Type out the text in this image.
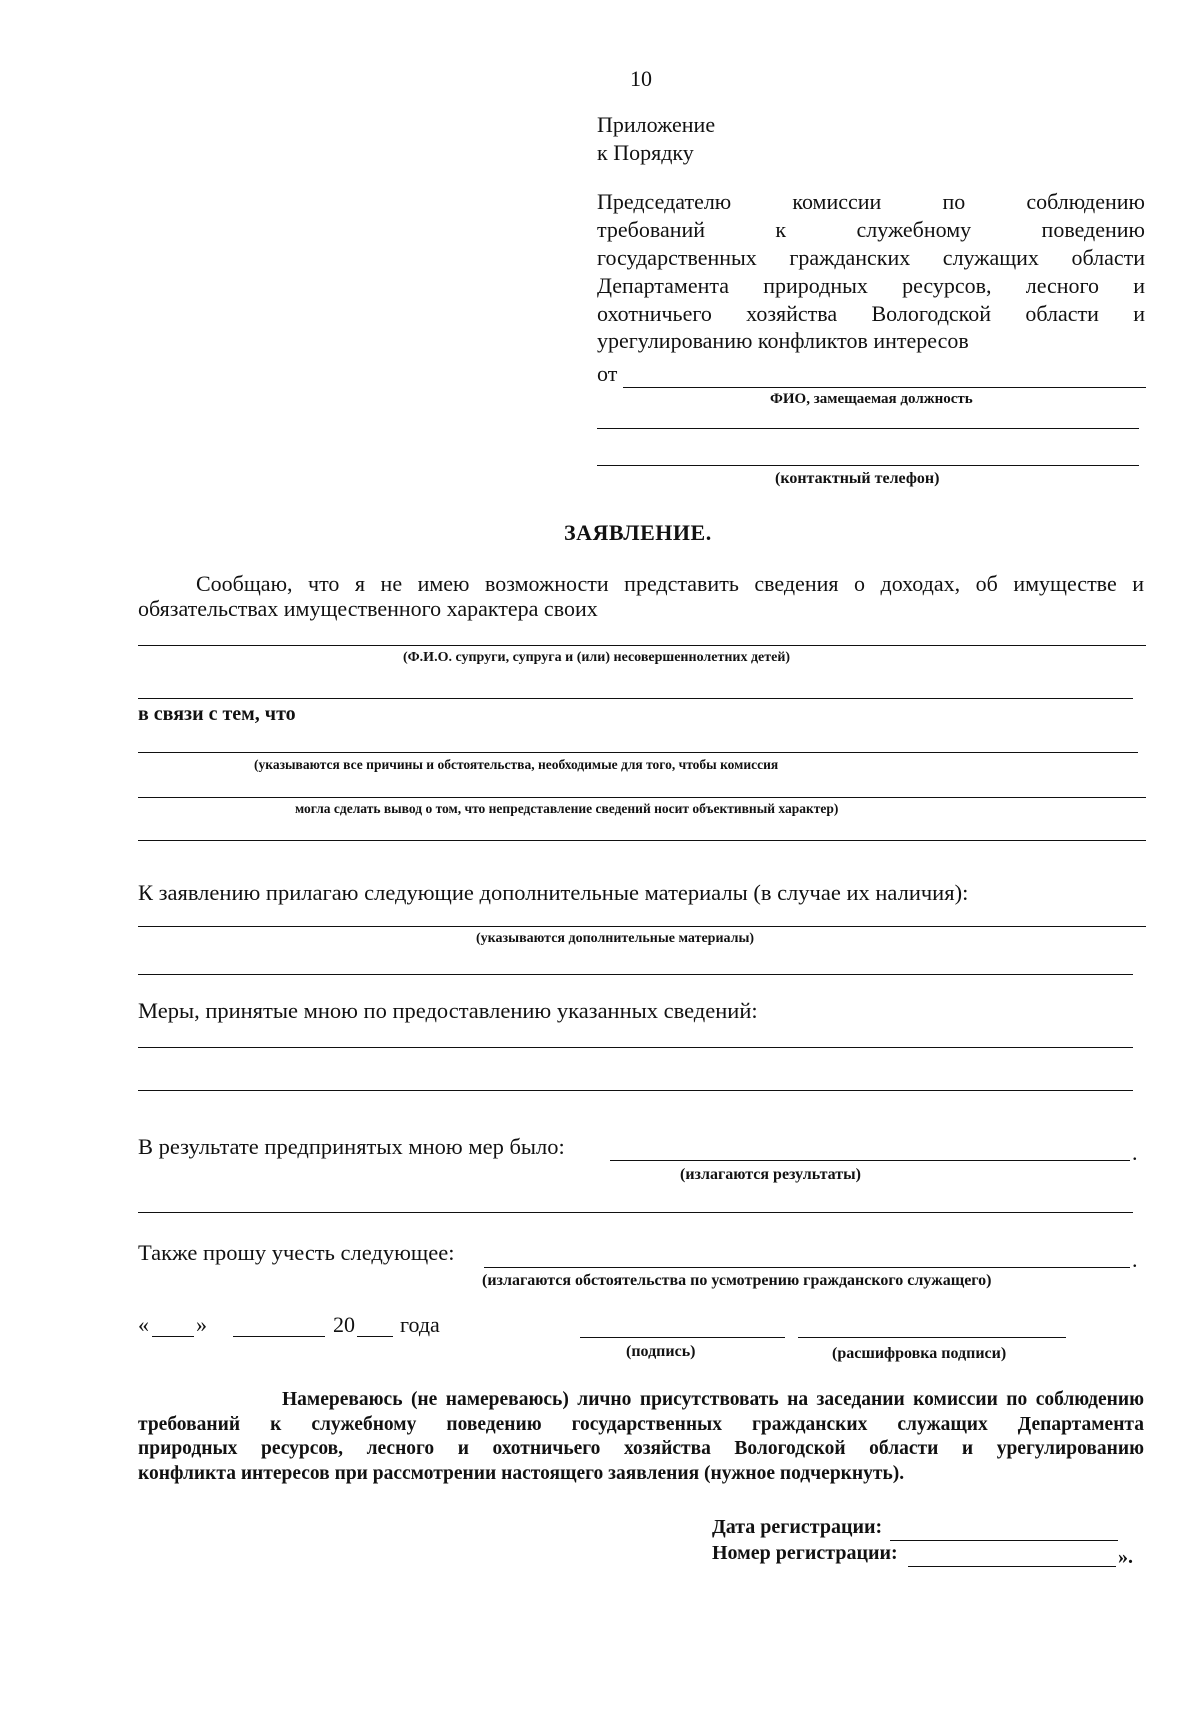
10
Приложение
к Порядку
Председателю комиссии по соблюдению
требований к служебному поведению
государственных гражданских служащих области
Департамента природных ресурсов, лесного и
охотничьего хозяйства Вологодской области и
урегулированию конфликтов интересов
от
ФИО, замещаемая должность
(контактный телефон)
ЗАЯВЛЕНИЕ.
Сообщаю, что я не имею возможности представить сведения о доходах, об имуществе и
обязательствах имущественного характера своих
(Ф.И.О. супруги, супруга и (или) несовершеннолетних детей)
в связи с тем, что
(указываются все причины и обстоятельства, необходимые для того, чтобы комиссия
могла сделать вывод о том, что непредставление сведений носит объективный характер)
К заявлению прилагаю следующие дополнительные материалы (в случае их наличия):
(указываются дополнительные материалы)
Меры, принятые мною по предоставлению указанных сведений:
В результате предпринятых мною мер было:	.
(излагаются результаты)
Также прошу учесть следующее:	.
(излагаются обстоятельства по усмотрению гражданского служащего)
« »	20 года
(подпись)	(расшифровка подписи)
Намереваюсь (не намереваюсь) лично присутствовать на заседании комиссии по соблюдению
требований к служебному поведению государственных гражданских служащих Департамента
природных ресурсов, лесного и охотничьего хозяйства Вологодской области и урегулированию
конфликта интересов при рассмотрении настоящего заявления (нужное подчеркнуть).
Дата регистрации:
Номер регистрации:	».
